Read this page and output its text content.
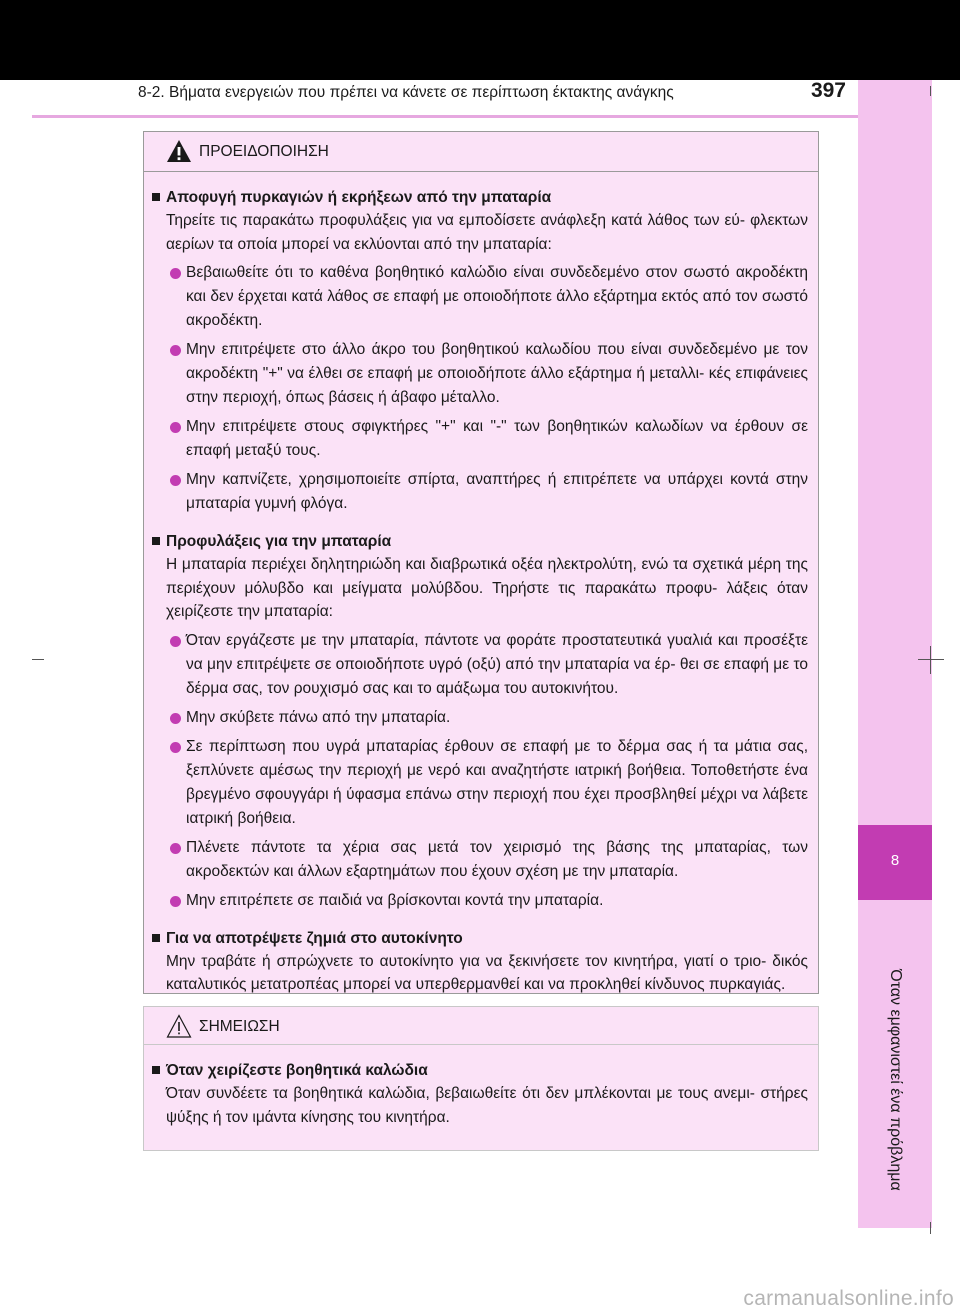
8-2. Βήματα ενεργειών που πρέπει να κάνετε σε περίπτωση έκτακτης ανάγκης	397
8
Όταν εμφανιστεί ένα πρόβλημα
ΠΡΟΕΙΔΟΠΟΙΗΣΗ
Αποφυγή πυρκαγιών ή εκρήξεων από την μπαταρία
Τηρείτε τις παρακάτω προφυλάξεις για να εμποδίσετε ανάφλεξη κατά λάθος των εύ- φλεκτων αερίων τα οποία μπορεί να εκλύονται από την μπαταρία:
Βεβαιωθείτε ότι το καθένα βοηθητικό καλώδιο είναι συνδεδεμένο στον σωστό ακροδέκτη και δεν έρχεται κατά λάθος σε επαφή με οποιοδήποτε άλλο εξάρτημα εκτός από τον σωστό ακροδέκτη.
Μην επιτρέψετε στο άλλο άκρο του βοηθητικού καλωδίου που είναι συνδεδεμένο με τον ακροδέκτη "+" να έλθει σε επαφή με οποιοδήποτε άλλο εξάρτημα ή μεταλλι- κές επιφάνειες στην περιοχή, όπως βάσεις ή άβαφο μέταλλο.
Μην επιτρέψετε στους σφιγκτήρες "+" και "-" των βοηθητικών καλωδίων να έρθουν σε επαφή μεταξύ τους.
Μην καπνίζετε, χρησιμοποιείτε σπίρτα, αναπτήρες ή επιτρέπετε να υπάρχει κοντά στην μπαταρία γυμνή φλόγα.
Προφυλάξεις για την μπαταρία
Η μπαταρία περιέχει δηλητηριώδη και διαβρωτικά οξέα ηλεκτρολύτη, ενώ τα σχετικά μέρη της περιέχουν μόλυβδο και μείγματα μολύβδου. Τηρήστε τις παρακάτω προφυ- λάξεις όταν χειρίζεστε την μπαταρία:
Όταν εργάζεστε με την μπαταρία, πάντοτε να φοράτε προστατευτικά γυαλιά και προσέξτε να μην επιτρέψετε σε οποιοδήποτε υγρό (οξύ) από την μπαταρία να έρ- θει σε επαφή με το δέρμα σας, τον ρουχισμό σας και το αμάξωμα του αυτοκινήτου.
Μην σκύβετε πάνω από την μπαταρία.
Σε περίπτωση που υγρά μπαταρίας έρθουν σε επαφή με το δέρμα σας ή τα μάτια σας, ξεπλύνετε αμέσως την περιοχή με νερό και αναζητήστε ιατρική βοήθεια. Τοποθετήστε ένα βρεγμένο σφουγγάρι ή ύφασμα επάνω στην περιοχή που έχει προσβληθεί μέχρι να λάβετε ιατρική βοήθεια.
Πλένετε πάντοτε τα χέρια σας μετά τον χειρισμό της βάσης της μπαταρίας, των ακροδεκτών και άλλων εξαρτημάτων που έχουν σχέση με την μπαταρία.
Μην επιτρέπετε σε παιδιά να βρίσκονται κοντά την μπαταρία.
Για να αποτρέψετε ζημιά στο αυτοκίνητο
Μην τραβάτε ή σπρώχνετε το αυτοκίνητο για να ξεκινήσετε τον κινητήρα, γιατί ο τριο- δικός καταλυτικός μετατροπέας μπορεί να υπερθερμανθεί και να προκληθεί κίνδυνος πυρκαγιάς.
ΣΗΜΕΙΩΣΗ
Όταν χειρίζεστε βοηθητικά καλώδια
Όταν συνδέετε τα βοηθητικά καλώδια, βεβαιωθείτε ότι δεν μπλέκονται με τους ανεμι- στήρες ψύξης ή τον ιμάντα κίνησης του κινητήρα.
carmanualsonline.info
